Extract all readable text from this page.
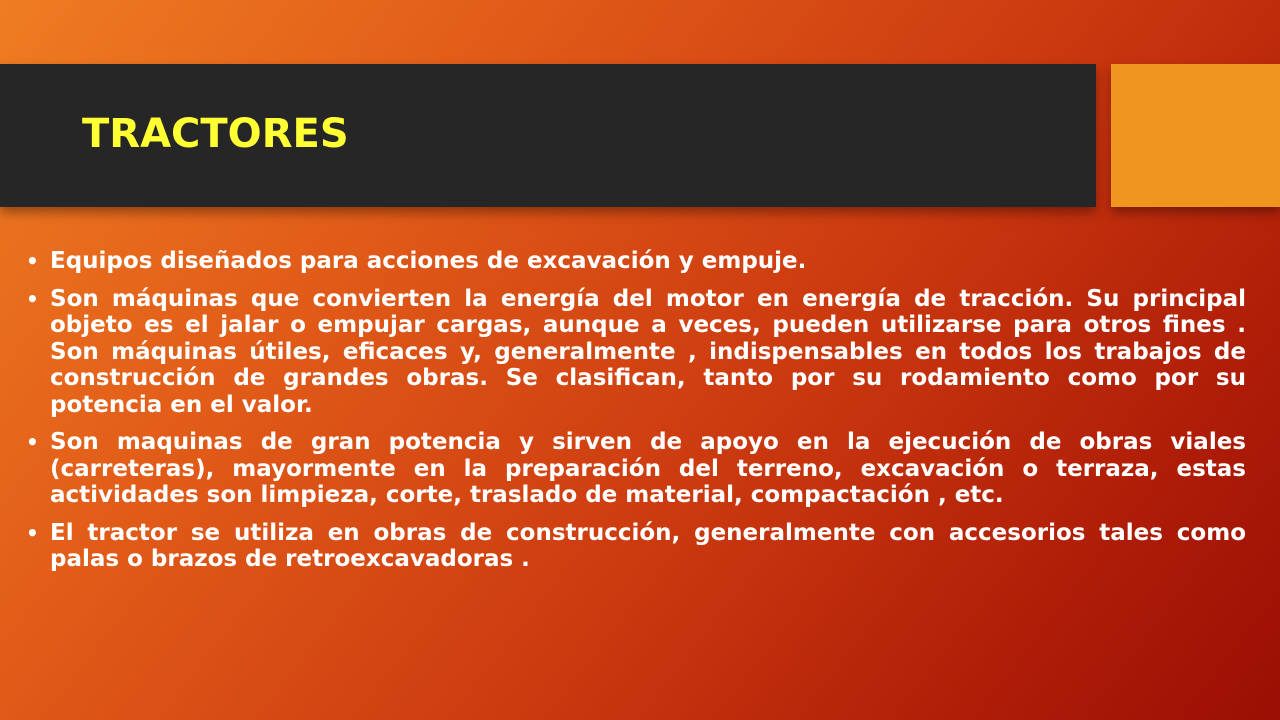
TRACTORES
• Equipos diseñados para acciones de excavación y empuje.
• Son máquinas que convierten la energía del motor en energía de tracción. Su principal objeto es el jalar o empujar cargas, aunque a veces, pueden utilizarse para otros fines . Son máquinas útiles, eficaces y, generalmente , indispensables en todos los trabajos de construcción de grandes obras. Se clasifican, tanto por su rodamiento como por su potencia en el valor.
• Son maquinas de gran potencia y sirven de apoyo en la ejecución de obras viales (carreteras), mayormente en la preparación del terreno, excavación o terraza, estas actividades son limpieza, corte, traslado de material, compactación , etc.
• El tractor se utiliza en obras de construcción, generalmente con accesorios tales como palas o brazos de retroexcavadoras .
